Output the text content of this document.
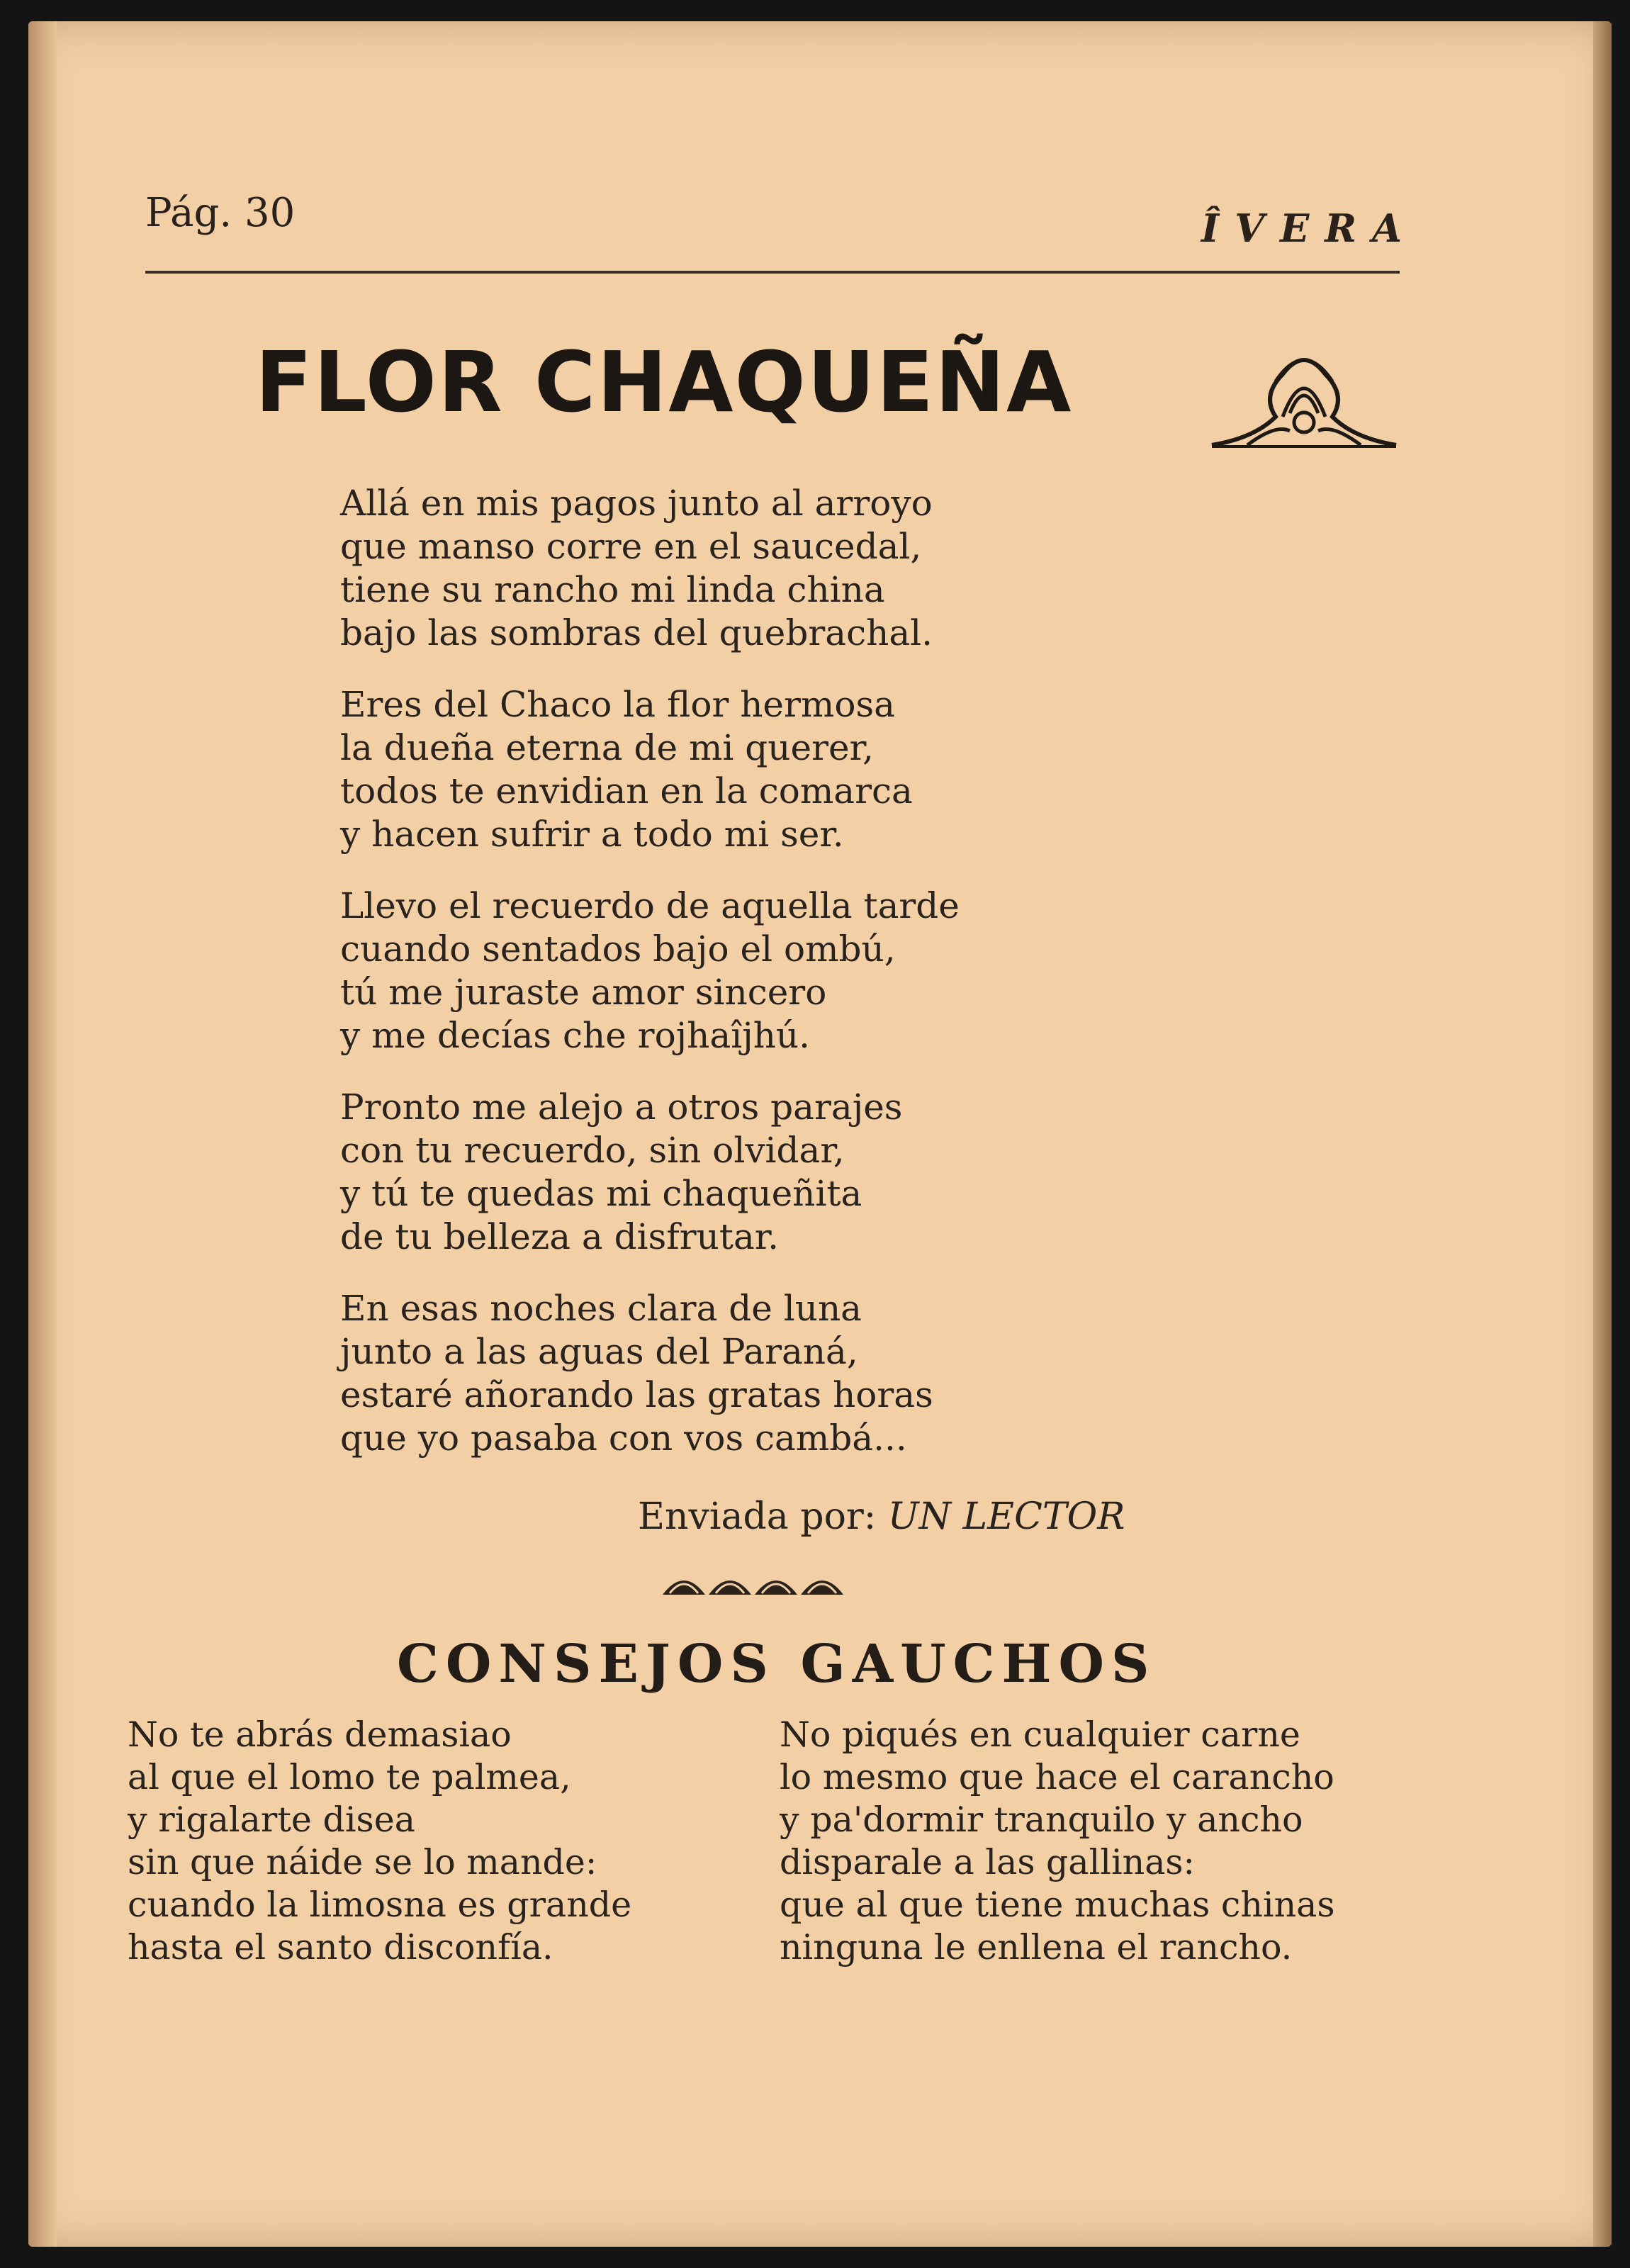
Pág. 30	ÎVERA
FLOR CHAQUEÑA
Allá en mis pagos junto al arroyo
que manso corre en el saucedal,
tiene su rancho mi linda china
bajo las sombras del quebrachal.
Eres del Chaco la flor hermosa
la dueña eterna de mi querer,
todos te envidian en la comarca
y hacen sufrir a todo mi ser.
Llevo el recuerdo de aquella tarde
cuando sentados bajo el ombú,
tú me juraste amor sincero
y me decías che rojhaîjhú.
Pronto me alejo a otros parajes
con tu recuerdo, sin olvidar,
y tú te quedas mi chaqueñita
de tu belleza a disfrutar.
En esas noches clara de luna
junto a las aguas del Paraná,
estaré añorando las gratas horas
que yo pasaba con vos cambá...
Enviada por: UN LECTOR
CONSEJOS GAUCHOS
No te abrás demasiao
al que el lomo te palmea,
y rigalarte disea
sin que náide se lo mande:
cuando la limosna es grande
hasta el santo disconfía.
No piqués en cualquier carne
lo mesmo que hace el carancho
y pa'dormir tranquilo y ancho
disparale a las gallinas:
que al que tiene muchas chinas
ninguna le enllena el rancho.
